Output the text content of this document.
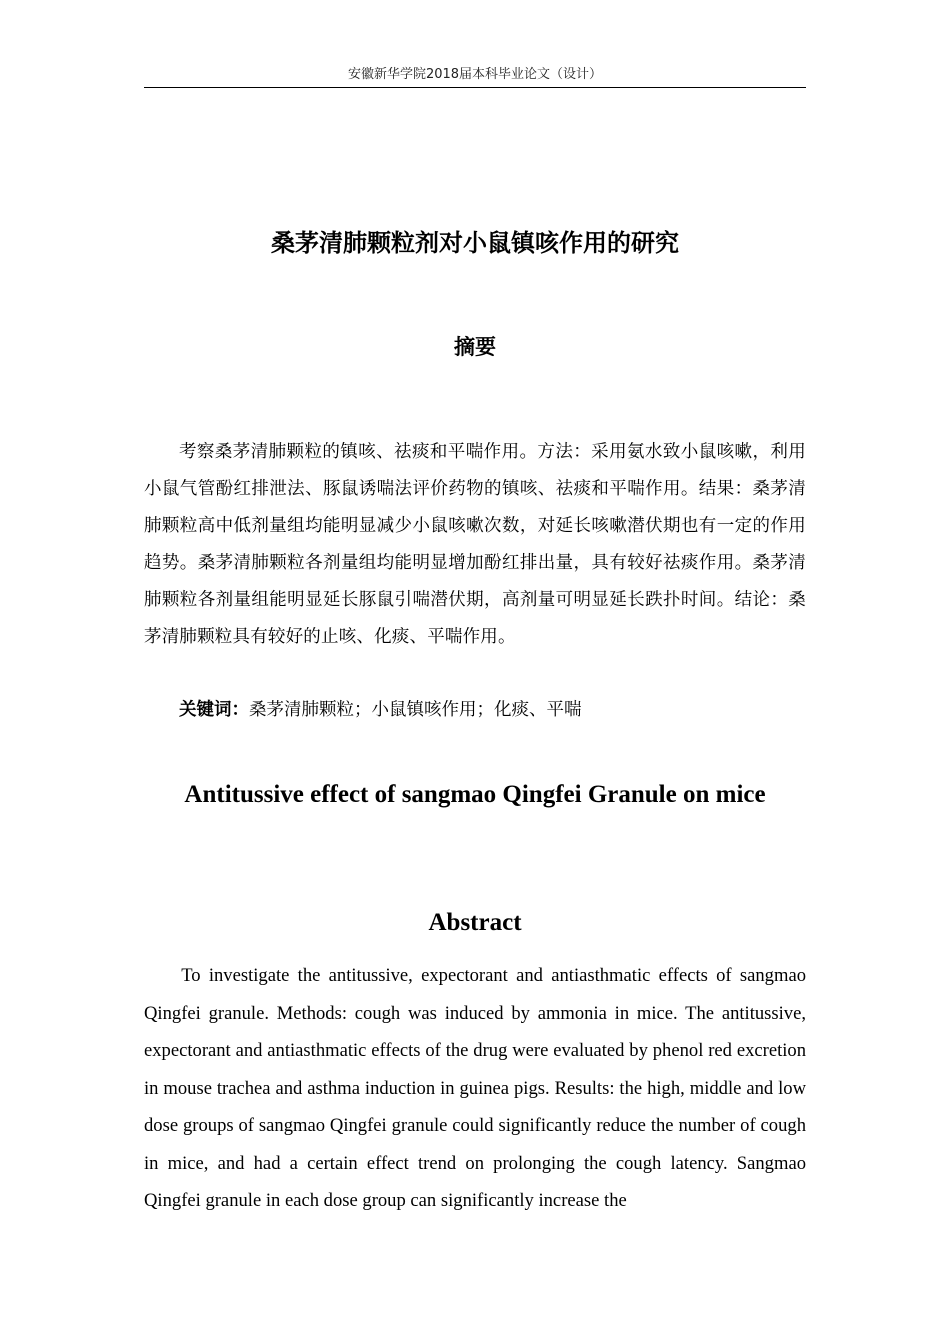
安徽新华学院2018届本科毕业论文（设计）
桑茅清肺颗粒剂对小鼠镇咳作用的研究
摘要

考察桑茅清肺颗粒的镇咳、祛痰和平喘作用。方法：采用氨水致小鼠咳嗽，利用小鼠气管酚红排泄法、豚鼠诱喘法评价药物的镇咳、祛痰和平喘作用。结果：桑茅清肺颗粒高中低剂量组均能明显减少小鼠咳嗽次数，对延长咳嗽潜伏期也有一定的作用趋势。桑茅清肺颗粒各剂量组均能明显增加酚红排出量，具有较好祛痰作用。桑茅清肺颗粒各剂量组能明显延长豚鼠引喘潜伏期，高剂量可明显延长跌扑时间。结论：桑茅清肺颗粒具有较好的止咳、化痰、平喘作用。

关键词：桑茅清肺颗粒；小鼠镇咳作用；化痰、平喘

Antitussive effect of sangmao Qingfei Granule on mice
Abstract

To investigate the antitussive, expectorant and antiasthmatic effects of sangmao Qingfei granule. Methods: cough was induced by ammonia in mice. The antitussive, expectorant and antiasthmatic effects of the drug were evaluated by phenol red excretion in mouse trachea and asthma induction in guinea pigs. Results: the high, middle and low dose groups of sangmao Qingfei granule could significantly reduce the number of cough in mice, and had a certain effect trend on prolonging the cough latency. Sangmao Qingfei granule in each dose group can significantly increase the
